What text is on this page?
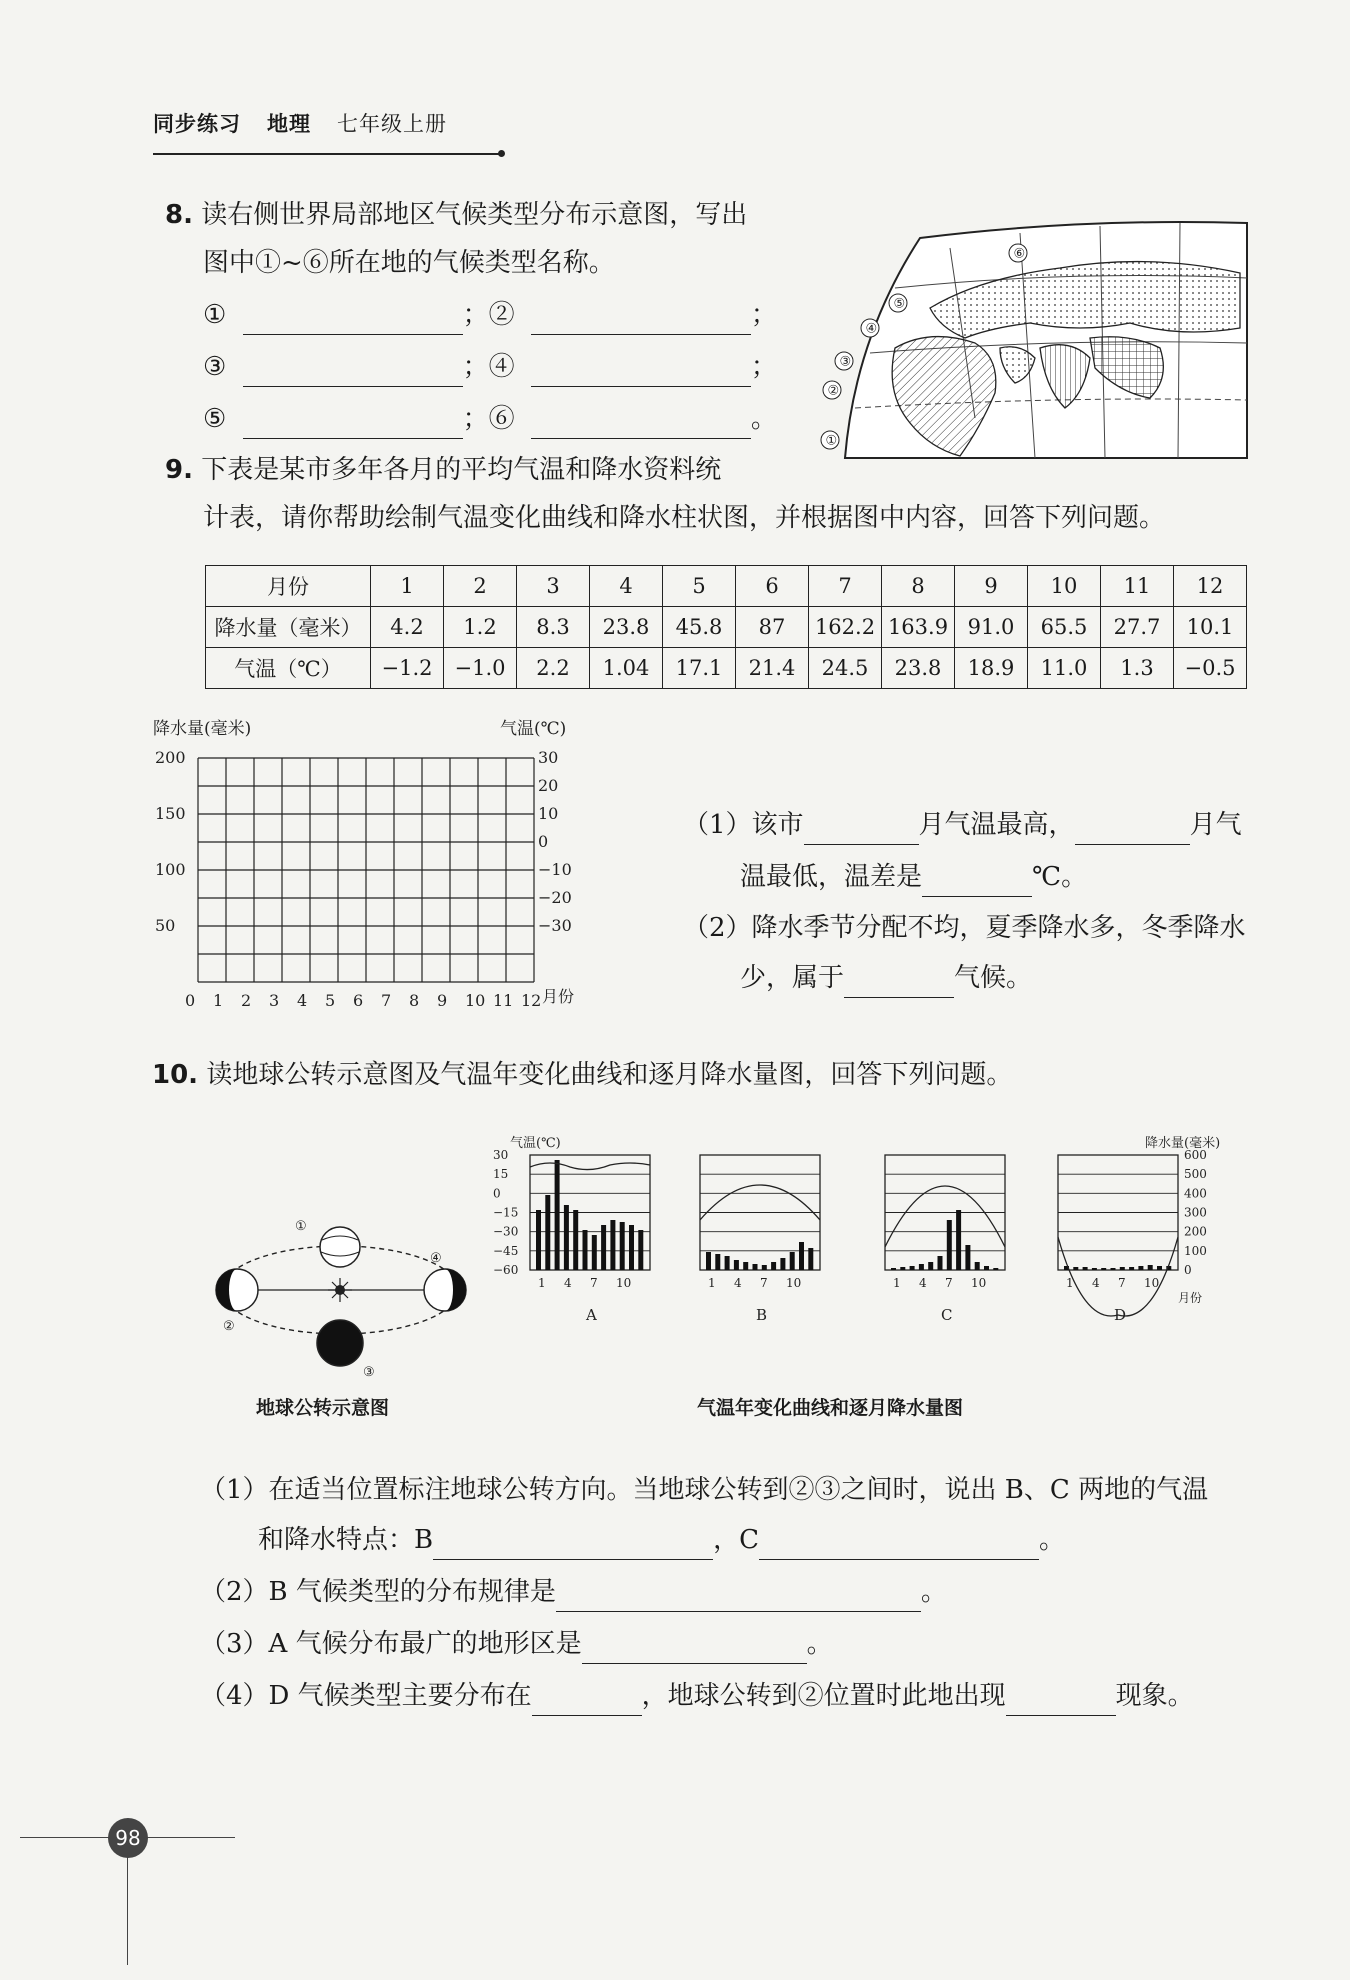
同步练习 地理 七年级上册
8. 读右侧世界局部地区气候类型分布示意图，写出
图中①~⑥所在地的气候类型名称。
①	；②	；
③	；④	；
⑤	；⑥	。
①
②
③
④
⑤
⑥
9. 下表是某市多年各月的平均气温和降水资料统
计表，请你帮助绘制气温变化曲线和降水柱状图，并根据图中内容，回答下列问题。
月份	1	2	3	4	5	6	7	8	9	10	11	12
降水量（毫米）	4.2	1.2	8.3	23.8	45.8	87	162.2	163.9	91.0	65.5	27.7	10.1
气温（℃）	−1.2	−1.0	2.2	1.04	17.1	21.4	24.5	23.8	18.9	11.0	1.3	−0.5
降水量(毫米)	气温(℃)
200
150
100
50
30
20
10
0
−10
−20
−30
0 1 2 3 4 5 6 7 8 9 10 11 12 月份
（1）该市	月气温最高，	月气
温最低，温差是	℃。
（2）降水季节分配不均，夏季降水多，冬季降水
少，属于	气候。
10. 读地球公转示意图及气温年变化曲线和逐月降水量图，回答下列问题。
①
②
③
④
地球公转示意图
气温(℃)	降水量(毫米)
1 4 7 10
A
1 4 7 10
B
1 4 7 10
C
1 4 7 10
D
30
15
0
−15
−30
−45
−60
600
500
400
300
200
100
0
月份
气温年变化曲线和逐月降水量图
（1）在适当位置标注地球公转方向。当地球公转到②③之间时，说出 B、C 两地的气温
和降水特点：B	，C	。
（2）B 气候类型的分布规律是	。
（3）A 气候分布最广的地形区是	。
（4）D 气候类型主要分布在	，地球公转到②位置时此地出现	现象。
98
